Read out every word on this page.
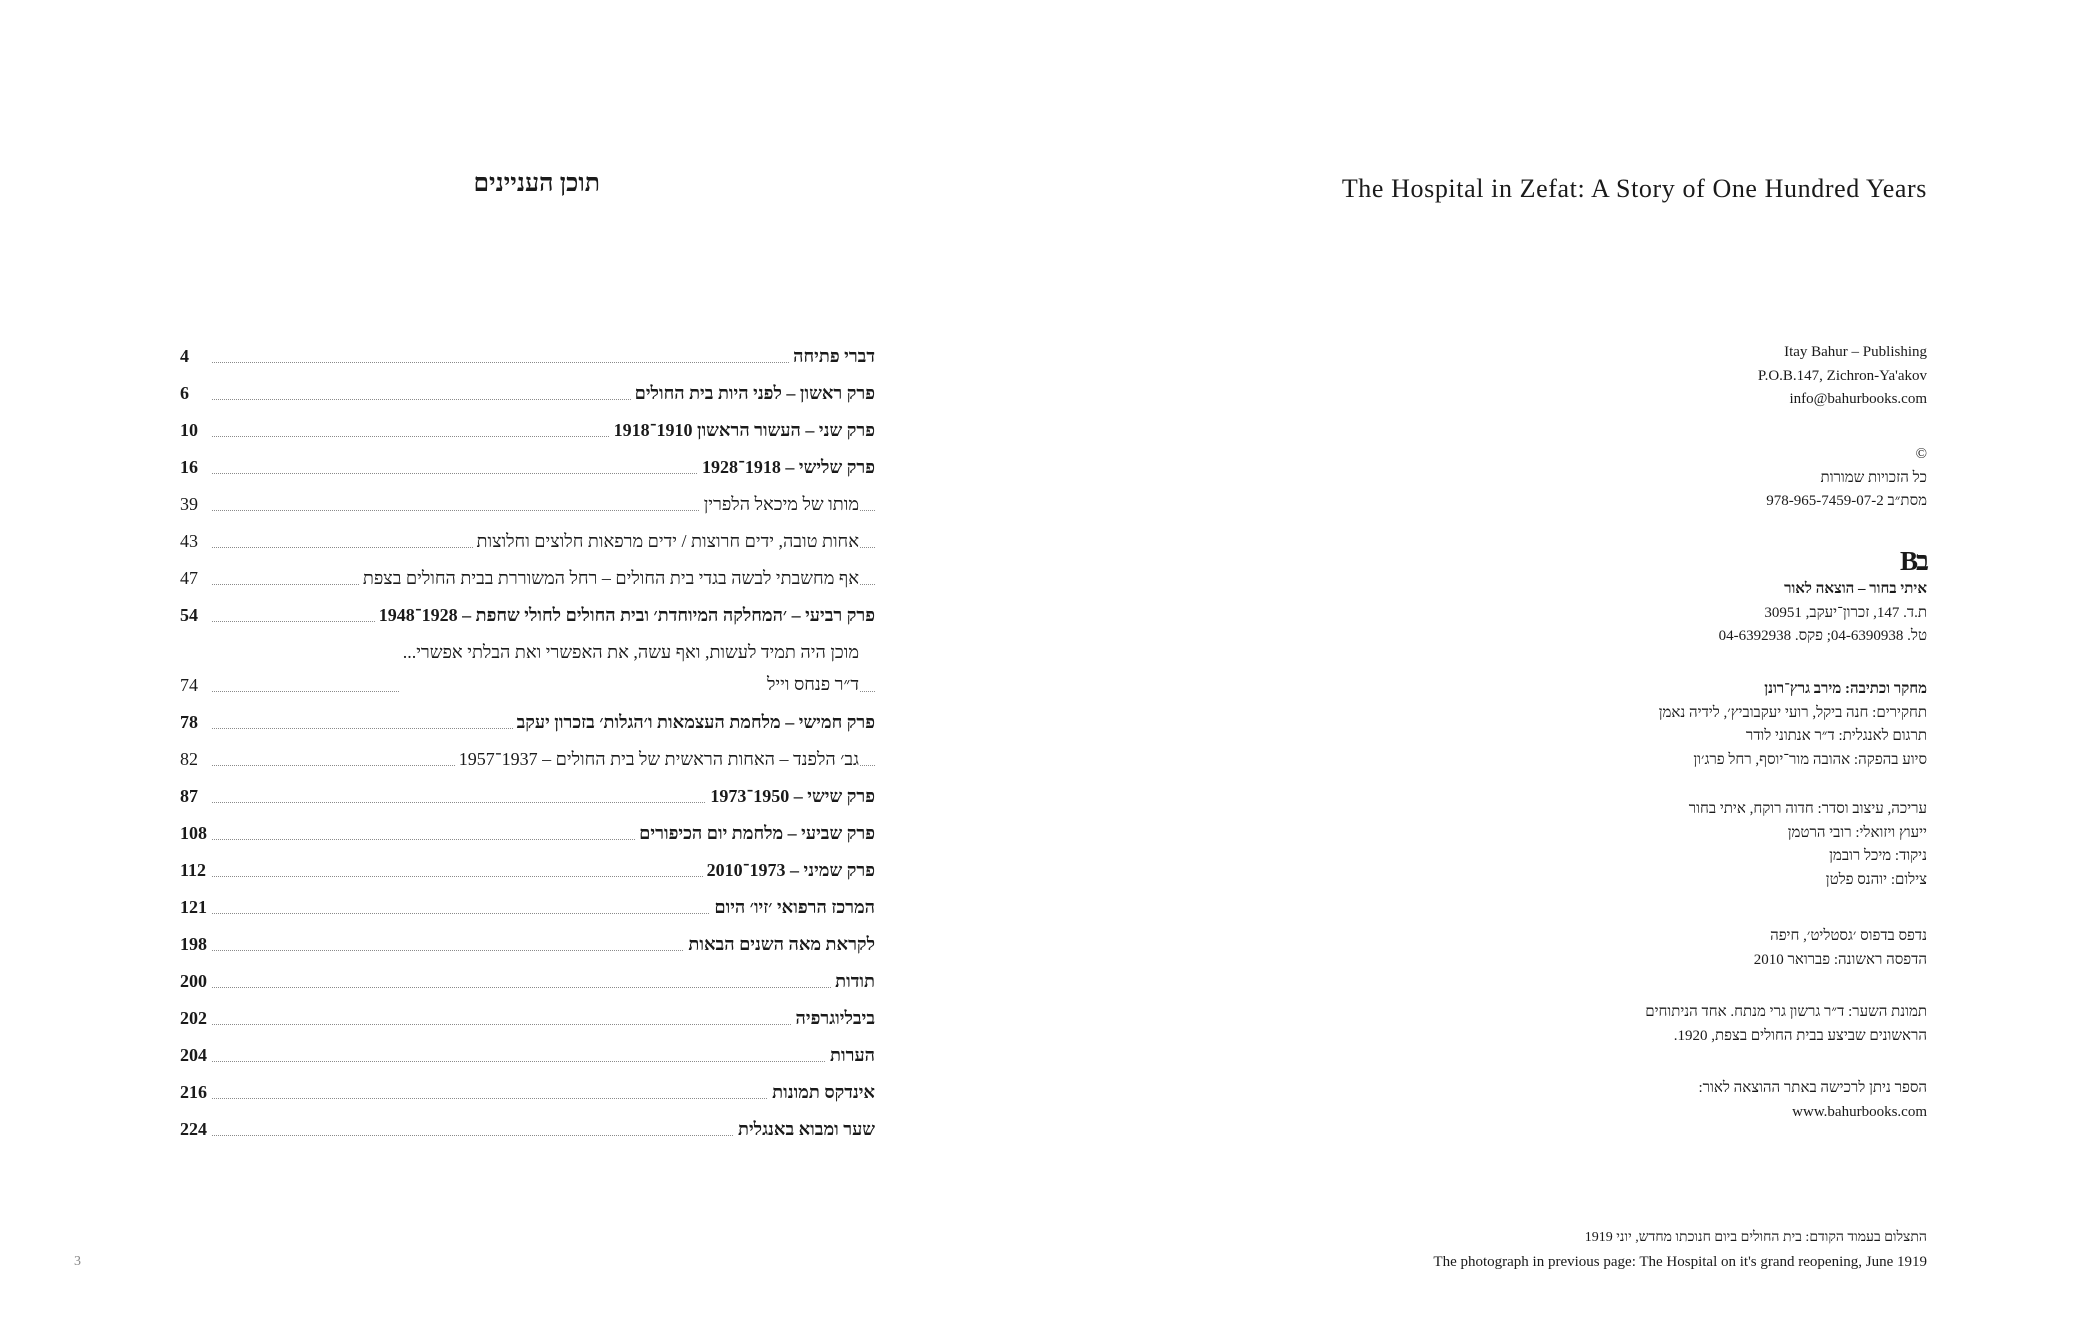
תוכן העניינים
דברי פתיחה
4
פרק ראשון – לפני היות בית החולים
6
פרק שני – העשור הראשון 1910־1918
10
פרק שלישי – 1918־1928
16
מותו של מיכאל הלפרין
39
אחות טובה, ידים חרוצות / ידים מרפאות חלוצים וחלוצות
43
אף מחשבתי לבשה בגדי בית החולים – רחל המשוררת בבית החולים בצפת
47
פרק רביעי – ׳המחלקה המיוחדת׳ ובית החולים לחולי שחפת – 1928־1948
54
מוכן היה תמיד לעשות, ואף עשה, את האפשרי ואת הבלתי אפשרי...
ד״ר פנחס וייל
74
פרק חמישי – מלחמת העצמאות ו׳הגלות׳ בזכרון יעקב
78
גב׳ הלפנד – האחות הראשית של בית החולים – 1937־1957
82
פרק שישי – 1950־1973
87
פרק שביעי – מלחמת יום הכיפורים
108
פרק שמיני – 1973־2010
112
המרכז הרפואי ׳זיו׳ היום
121
לקראת מאה השנים הבאות
198
תודות
200
ביבליוגרפיה
202
הערות
204
אינדקס תמונות
216
שער ומבוא באנגלית
224
3
The Hospital in Zefat: A Story of One Hundred Years
Itay Bahur – Publishing
P.O.B.147, Zichron-Ya'akov
info@bahurbooks.com
©
כל הזכויות שמורות
מסת״ב 978-965-7459-07-2
Bב
איתי בחור – הוצאה לאור
ת.ד. 147, זכרון־יעקב, 30951
טל. 04-6390938; פקס. 04-6392938
מחקר וכתיבה: מירב גרץ־רונן
תחקירים: חנה ביקל, רועי יעקבוביץ׳, לידיה נאמן
תרגום לאנגלית: ד״ר אנתוני לודר
סיוע בהפקה: אהובה מור־יוסף, רחל פרג׳ון
עריכה, עיצוב וסדר: חדוה רוקח, איתי בחור
ייעוץ ויזואלי: רובי הרטמן
ניקוד: מיכל רובמן
צילום: יוהנס פלטן
נדפס בדפוס ׳גסטליט׳, חיפה
הדפסה ראשונה: פברואר 2010
תמונת השער: ד״ר גרשון גרי מנתח. אחד הניתוחים
הראשונים שביצע בבית החולים בצפת, 1920.
הספר ניתן לרכישה באתר ההוצאה לאור:
www.bahurbooks.com
התצלום בעמוד הקודם: בית החולים ביום חנוכתו מחדש, יוני 1919
The photograph in previous page: The Hospital on it's grand reopening, June 1919
